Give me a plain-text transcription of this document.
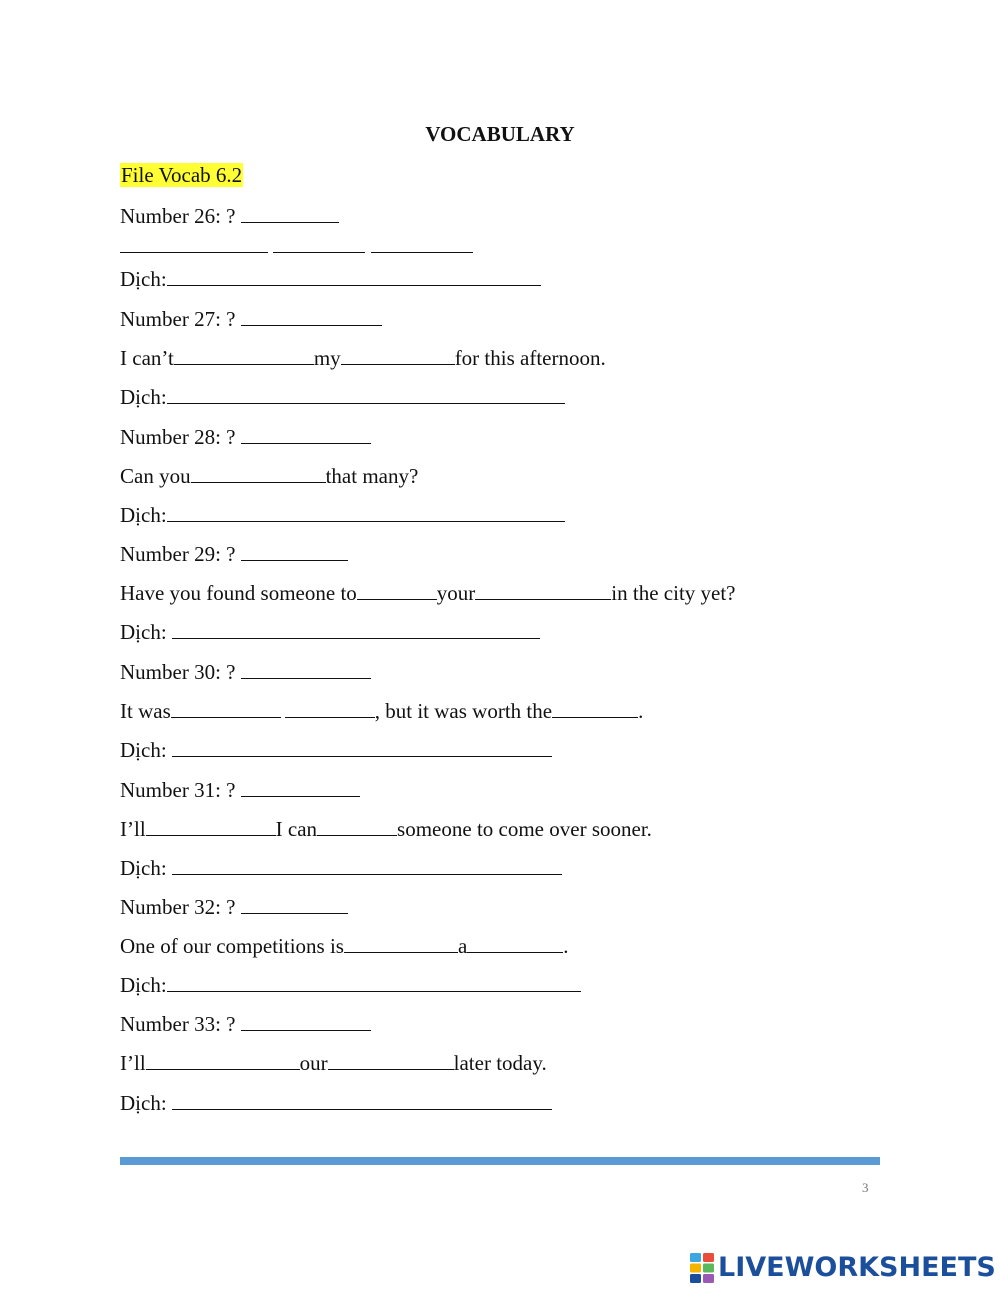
VOCABULARY
File Vocab 6.2
Number 26: ?

Dịch:
Number 27: ?
I can’t	my	for this afternoon.
Dịch:
Number 28: ?
Can you	that many?
Dịch:
Number 29: ?
Have you found someone to	your	in the city yet?
Dịch:
Number 30: ?
It was	, but it was worth the	.
Dịch:
Number 31: ?
I’ll	I can	someone to come over sooner.
Dịch:
Number 32: ?
One of our competitions is	a	.
Dịch:
Number 33: ?
I’ll	our	later today.
Dịch:
3
LIVEWORKSHEETS
